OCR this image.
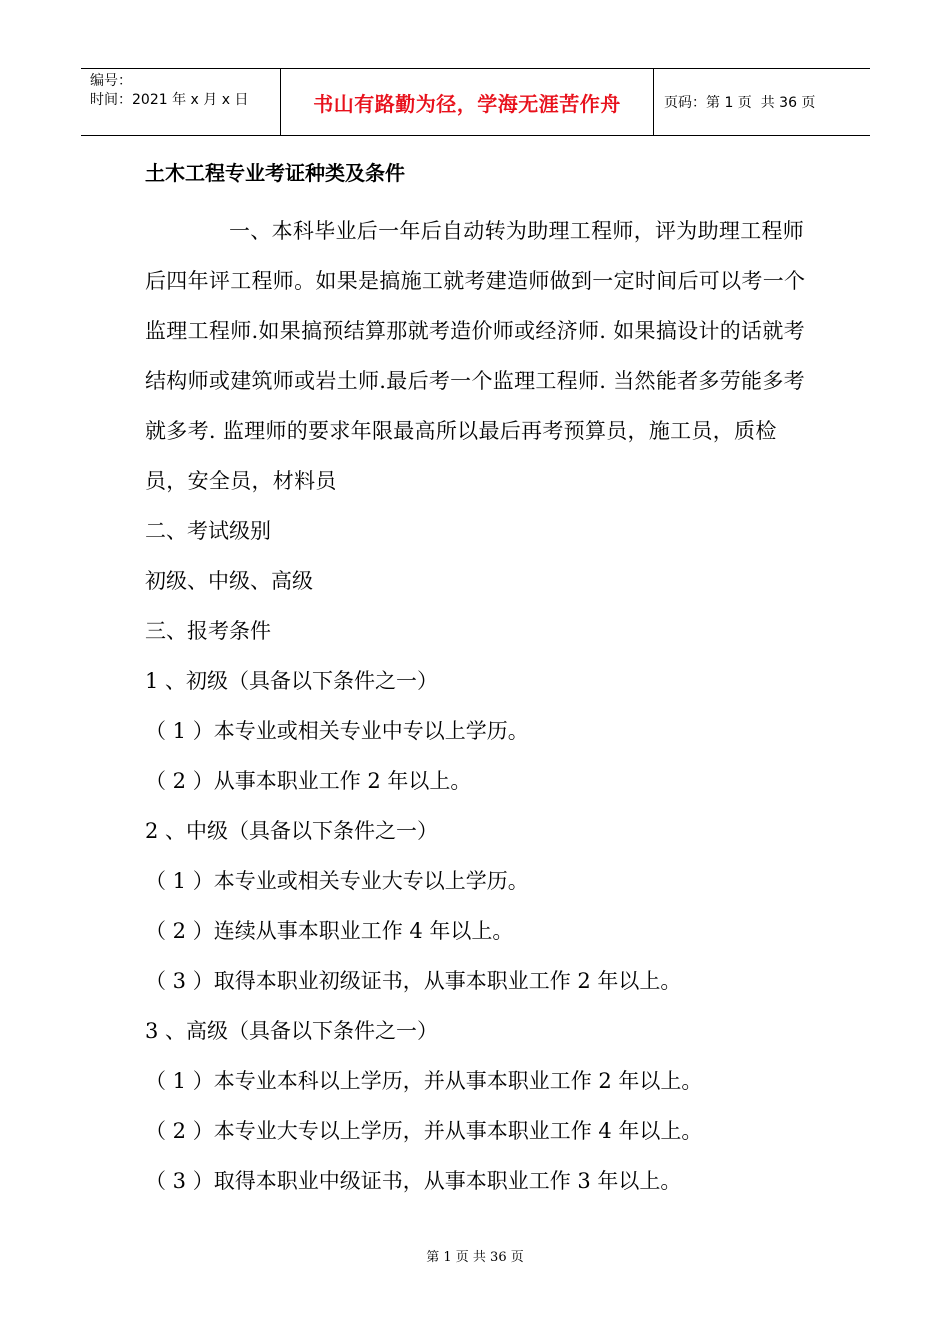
编号：
时间：2021 年 x 月 x 日	书山有路勤为径，学海无涯苦作舟	页码：第 1 页  共 36 页
土木工程专业考证种类及条件

一、本科毕业后一年后自动转为助理工程师，评为助理工程师后四年评工程师。如果是搞施工就考建造师做到一定时间后可以考一个监理工程师.如果搞预结算那就考造价师或经济师. 如果搞设计的话就考结构师或建筑师或岩土师.最后考一个监理工程师. 当然能者多劳能多考就多考. 监理师的要求年限最高所以最后再考预算员，施工员，质检员，安全员，材料员

二、考试级别

初级、中级、高级

三、报考条件

1 、初级（具备以下条件之一）

（ 1 ）本专业或相关专业中专以上学历。

（ 2 ）从事本职业工作 2 年以上。

2 、中级（具备以下条件之一）

（ 1 ）本专业或相关专业大专以上学历。

（ 2 ）连续从事本职业工作 4 年以上。

（ 3 ）取得本职业初级证书，从事本职业工作 2 年以上。

3 、高级（具备以下条件之一）

（ 1 ）本专业本科以上学历，并从事本职业工作 2 年以上。

（ 2 ）本专业大专以上学历，并从事本职业工作 4 年以上。

（ 3 ）取得本职业中级证书，从事本职业工作 3 年以上。

第 1 页 共 36 页
